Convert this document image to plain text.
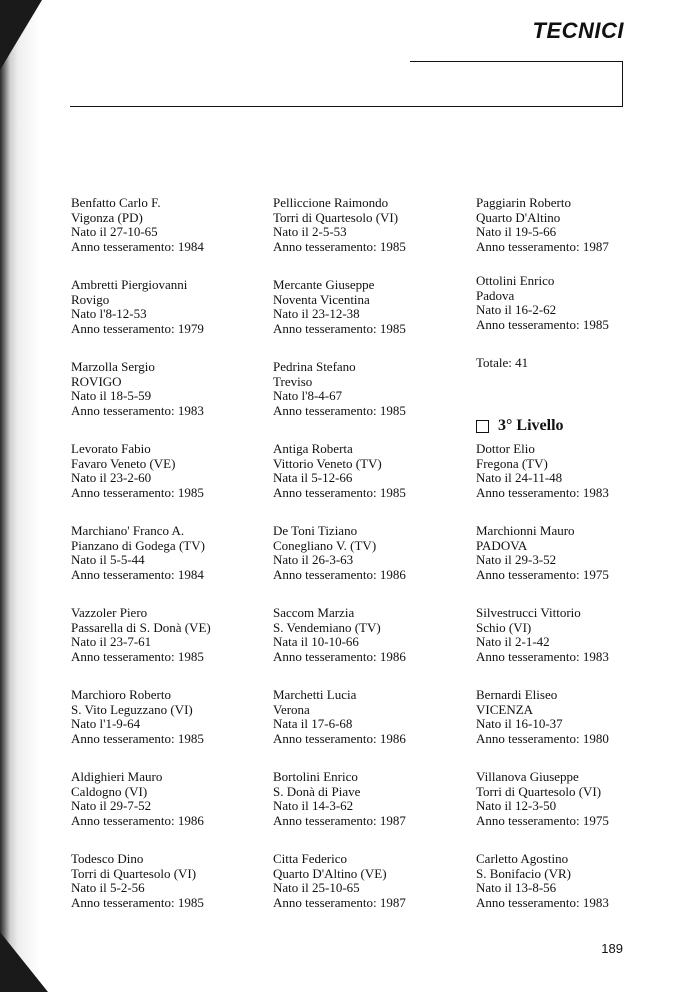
TECNICI
Benfatto Carlo F.
Vigonza (PD)
Nato il 27-10-65
Anno tesseramento: 1984
Ambretti Piergiovanni
Rovigo
Nato l'8-12-53
Anno tesseramento: 1979
Marzolla Sergio
ROVIGO
Nato il 18-5-59
Anno tesseramento: 1983
Levorato Fabio
Favaro Veneto (VE)
Nato il 23-2-60
Anno tesseramento: 1985
Marchiano' Franco A.
Pianzano di Godega (TV)
Nato il 5-5-44
Anno tesseramento: 1984
Vazzoler Piero
Passarella di S. Donà (VE)
Nato il 23-7-61
Anno tesseramento: 1985
Marchioro Roberto
S. Vito Leguzzano (VI)
Nato l'1-9-64
Anno tesseramento: 1985
Aldighieri Mauro
Caldogno (VI)
Nato il 29-7-52
Anno tesseramento: 1986
Todesco Dino
Torri di Quartesolo (VI)
Nato il 5-2-56
Anno tesseramento: 1985
Pelliccione Raimondo
Torri di Quartesolo (VI)
Nato il 2-5-53
Anno tesseramento: 1985
Mercante Giuseppe
Noventa Vicentina
Nato il 23-12-38
Anno tesseramento: 1985
Pedrina Stefano
Treviso
Nato l'8-4-67
Anno tesseramento: 1985
Antiga Roberta
Vittorio Veneto (TV)
Nata il 5-12-66
Anno tesseramento: 1985
De Toni Tiziano
Conegliano V. (TV)
Nato il 26-3-63
Anno tesseramento: 1986
Saccom Marzia
S. Vendemiano (TV)
Nata il 10-10-66
Anno tesseramento: 1986
Marchetti Lucia
Verona
Nata il 17-6-68
Anno tesseramento: 1986
Bortolini Enrico
S. Donà di Piave
Nato il 14-3-62
Anno tesseramento: 1987
Citta Federico
Quarto D'Altino (VE)
Nato il 25-10-65
Anno tesseramento: 1987
Paggiarin Roberto
Quarto D'Altino
Nato il 19-5-66
Anno tesseramento: 1987
Ottolini Enrico
Padova
Nato il 16-2-62
Anno tesseramento: 1985
Totale: 41
3° Livello
Dottor Elio
Fregona (TV)
Nato il 24-11-48
Anno tesseramento: 1983
Marchionni Mauro
PADOVA
Nato il 29-3-52
Anno tesseramento: 1975
Silvestrucci Vittorio
Schio (VI)
Nato il 2-1-42
Anno tesseramento: 1983
Bernardi Eliseo
VICENZA
Nato il 16-10-37
Anno tesseramento: 1980
Villanova Giuseppe
Torri di Quartesolo (VI)
Nato il 12-3-50
Anno tesseramento: 1975
Carletto Agostino
S. Bonifacio (VR)
Nato il 13-8-56
Anno tesseramento: 1983
189
